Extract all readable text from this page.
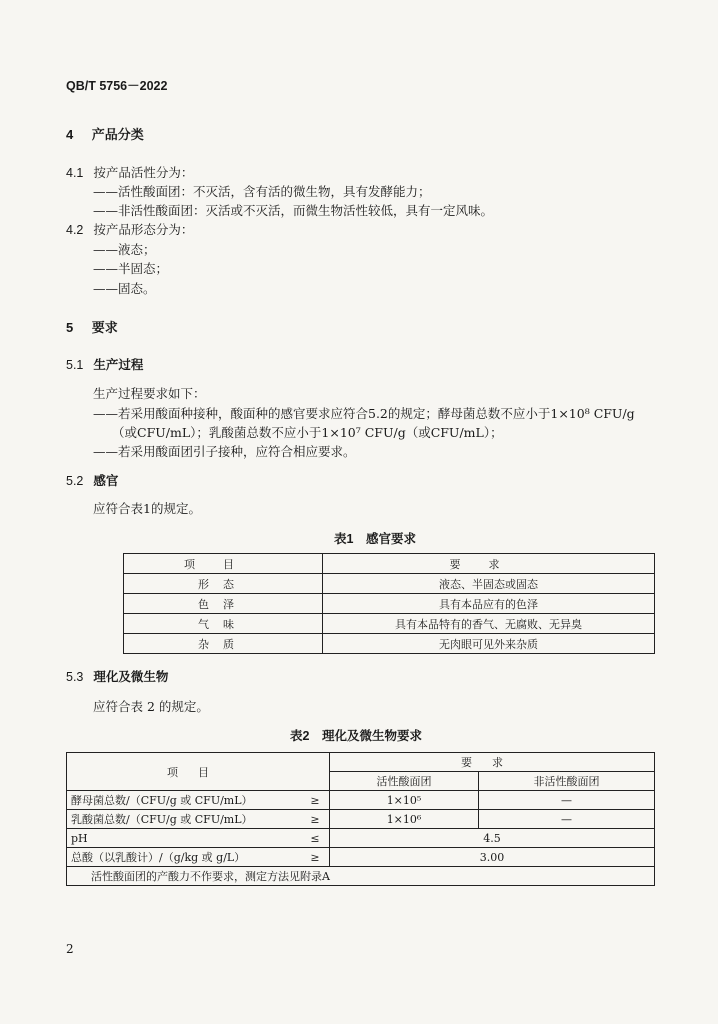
QB/T 5756－2022
4 产品分类
4.1 按产品活性分为：
——活性酸面团：不灭活，含有活的微生物，具有发酵能力；
——非活性酸面团：灭活或不灭活，而微生物活性较低，具有一定风味。
4.2 按产品形态分为：
——液态；
——半固态；
——固态。
5 要求
5.1 生产过程
生产过程要求如下：
——若采用酸面种接种，酸面种的感官要求应符合5.2的规定；酵母菌总数不应小于1×10⁸ CFU/g
（或CFU/mL）；乳酸菌总数不应小于1×10⁷ CFU/g（或CFU/mL）；
——若采用酸面团引子接种，应符合相应要求。
5.2 感官
应符合表1的规定。
表1　感官要求
项目	要求
形态	液态、半固态或固态
色泽	具有本品应有的色泽
气味	具有本品特有的香气、无腐败、无异臭
杂质	无肉眼可见外来杂质
5.3 理化及微生物
应符合表 2 的规定。
表2　理化及微生物要求
项目		要求	
		活性酸面团	非活性酸面团
酵母菌总数/（CFU/g 或 CFU/mL）	≥	1×10⁵	—
乳酸菌总数/（CFU/g 或 CFU/mL）	≥	1×10⁶	—
pH	≤	4.5	
总酸（以乳酸计）/（g/kg 或 g/L）	≥	3.00	
活性酸面团的产酸力不作要求，测定方法见附录A			
2
